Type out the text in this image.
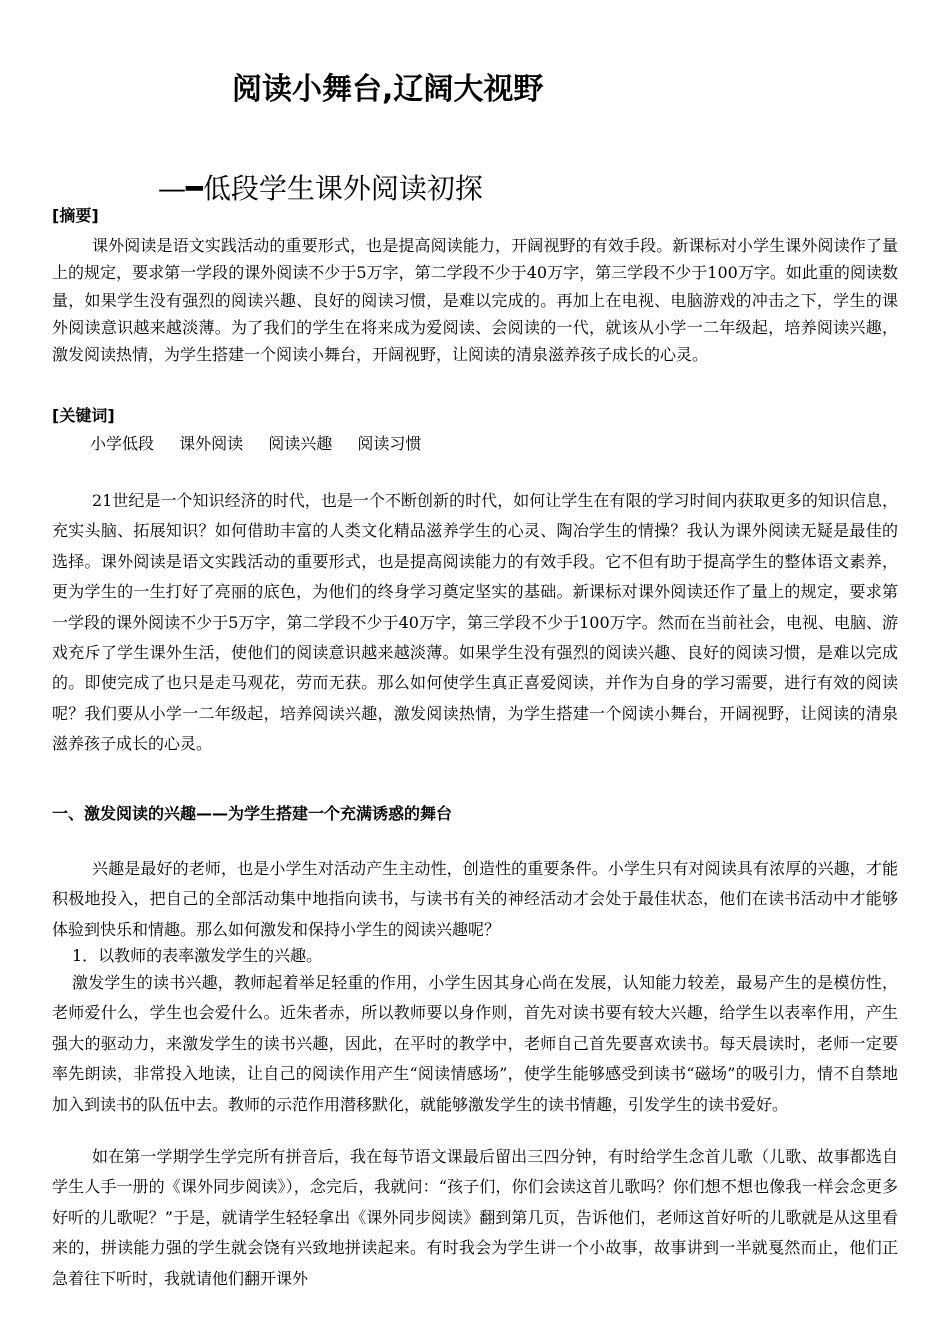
阅读小舞台,辽阔大视野
—━低段学生课外阅读初探
[摘要]

课外阅读是语文实践活动的重要形式，也是提高阅读能力，开阔视野的有效手段。新课标对小学生课外阅读作了量上的规定，要求第一学段的课外阅读不少于5万字，第二学段不少于40万字，第三学段不少于100万字。如此重的阅读数量，如果学生没有强烈的阅读兴趣、良好的阅读习惯，是难以完成的。再加上在电视、电脑游戏的冲击之下，学生的课外阅读意识越来越淡薄。为了我们的学生在将来成为爱阅读、会阅读的一代，就该从小学一二年级起，培养阅读兴趣，激发阅读热情，为学生搭建一个阅读小舞台，开阔视野，让阅读的清泉滋养孩子成长的心灵。

[关键词]
小学低段 课外阅读 阅读兴趣 阅读习惯

21世纪是一个知识经济的时代，也是一个不断创新的时代，如何让学生在有限的学习时间内获取更多的知识信息，充实头脑、拓展知识？如何借助丰富的人类文化精品滋养学生的心灵、陶冶学生的情操？我认为课外阅读无疑是最佳的选择。课外阅读是语文实践活动的重要形式，也是提高阅读能力的有效手段。它不但有助于提高学生的整体语文素养，更为学生的一生打好了亮丽的底色，为他们的终身学习奠定坚实的基础。新课标对课外阅读还作了量上的规定，要求第一学段的课外阅读不少于5万字，第二学段不少于40万字，第三学段不少于100万字。然而在当前社会，电视、电脑、游戏充斥了学生课外生活，使他们的阅读意识越来越淡薄。如果学生没有强烈的阅读兴趣、良好的阅读习惯，是难以完成的。即使完成了也只是走马观花，劳而无获。那么如何使学生真正喜爱阅读，并作为自身的学习需要，进行有效的阅读呢？我们要从小学一二年级起，培养阅读兴趣，激发阅读热情，为学生搭建一个阅读小舞台，开阔视野，让阅读的清泉滋养孩子成长的心灵。

一、激发阅读的兴趣——为学生搭建一个充满诱惑的舞台

兴趣是最好的老师，也是小学生对活动产生主动性，创造性的重要条件。小学生只有对阅读具有浓厚的兴趣，才能积极地投入，把自己的全部活动集中地指向读书，与读书有关的神经活动才会处于最佳状态，他们在读书活动中才能够体验到快乐和情趣。那么如何激发和保持小学生的阅读兴趣呢？

1．以教师的表率激发学生的兴趣。

激发学生的读书兴趣，教师起着举足轻重的作用，小学生因其身心尚在发展，认知能力较差，最易产生的是模仿性，老师爱什么，学生也会爱什么。近朱者赤，所以教师要以身作则，首先对读书要有较大兴趣，给学生以表率作用，产生强大的驱动力，来激发学生的读书兴趣，因此，在平时的教学中，老师自己首先要喜欢读书。每天晨读时，老师一定要率先朗读，非常投入地读，让自己的阅读作用产生“阅读情感场”，使学生能够感受到读书“磁场”的吸引力，情不自禁地加入到读书的队伍中去。教师的示范作用潜移默化，就能够激发学生的读书情趣，引发学生的读书爱好。

如在第一学期学生学完所有拼音后，我在每节语文课最后留出三四分钟，有时给学生念首儿歌（儿歌、故事都选自学生人手一册的《课外同步阅读》），念完后，我就问：“孩子们，你们会读这首儿歌吗？你们想不想也像我一样会念更多好听的儿歌呢？”于是，就请学生轻轻拿出《课外同步阅读》翻到第几页，告诉他们，老师这首好听的儿歌就是从这里看来的，拼读能力强的学生就会饶有兴致地拼读起来。有时我会为学生讲一个小故事，故事讲到一半就戛然而止，他们正急着往下听时，我就请他们翻开课外
